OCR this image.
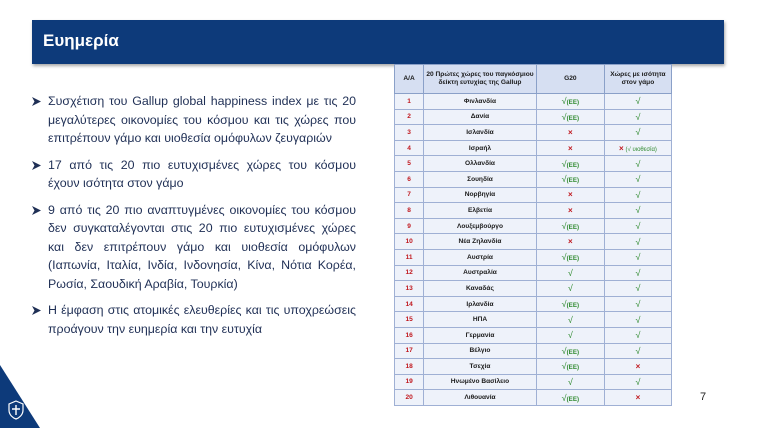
Ευημερία
Συσχέτιση του Gallup global happiness index με τις 20 μεγαλύτερες οικονομίες του κόσμου και τις χώρες που επιτρέπουν γάμο και υιοθεσία ομόφυλων ζευγαριών
17 από τις 20 πιο ευτυχισμένες χώρες του κόσμου έχουν ισότητα στον γάμο
9 από τις 20 πιο αναπτυγμένες οικονομίες του κόσμου δεν συγκαταλέγονται στις 20 πιο ευτυχισμένες χώρες και δεν επιτρέπουν γάμο και υιοθεσία ομόφυλων (Ιαπωνία, Ιταλία, Ινδία, Ινδονησία, Κίνα, Νότια Κορέα, Ρωσία, Σαουδική Αραβία, Τουρκία)
Η έμφαση στις ατομικές ελευθερίες και τις υποχρεώσεις προάγουν την ευημερία και την ευτυχία
Α/Α	20 Πρώτες χώρες του παγκόσμιου δείκτη ευτυχίας της Gallup	G20	Χώρες με ισότητα στον γάμο
1	Φινλανδία	√(ΕΕ)	√
2	Δανία	√(ΕΕ)	√
3	Ισλανδία	×	√
4	Ισραήλ	×	× (√ υιοθεσία)
5	Ολλανδία	√(ΕΕ)	√
6	Σουηδία	√(ΕΕ)	√
7	Νορβηγία	×	√
8	Ελβετία	×	√
9	Λουξεμβούργο	√(ΕΕ)	√
10	Νέα Ζηλανδία	×	√
11	Αυστρία	√(ΕΕ)	√
12	Αυστραλία	√	√
13	Καναδάς	√	√
14	Ιρλανδία	√(ΕΕ)	√
15	ΗΠΑ	√	√
16	Γερμανία	√	√
17	Βέλγιο	√(ΕΕ)	√
18	Τσεχία	√(ΕΕ)	×
19	Ηνωμένο Βασίλειο	√	√
20	Λιθουανία	√(ΕΕ)	×	7
